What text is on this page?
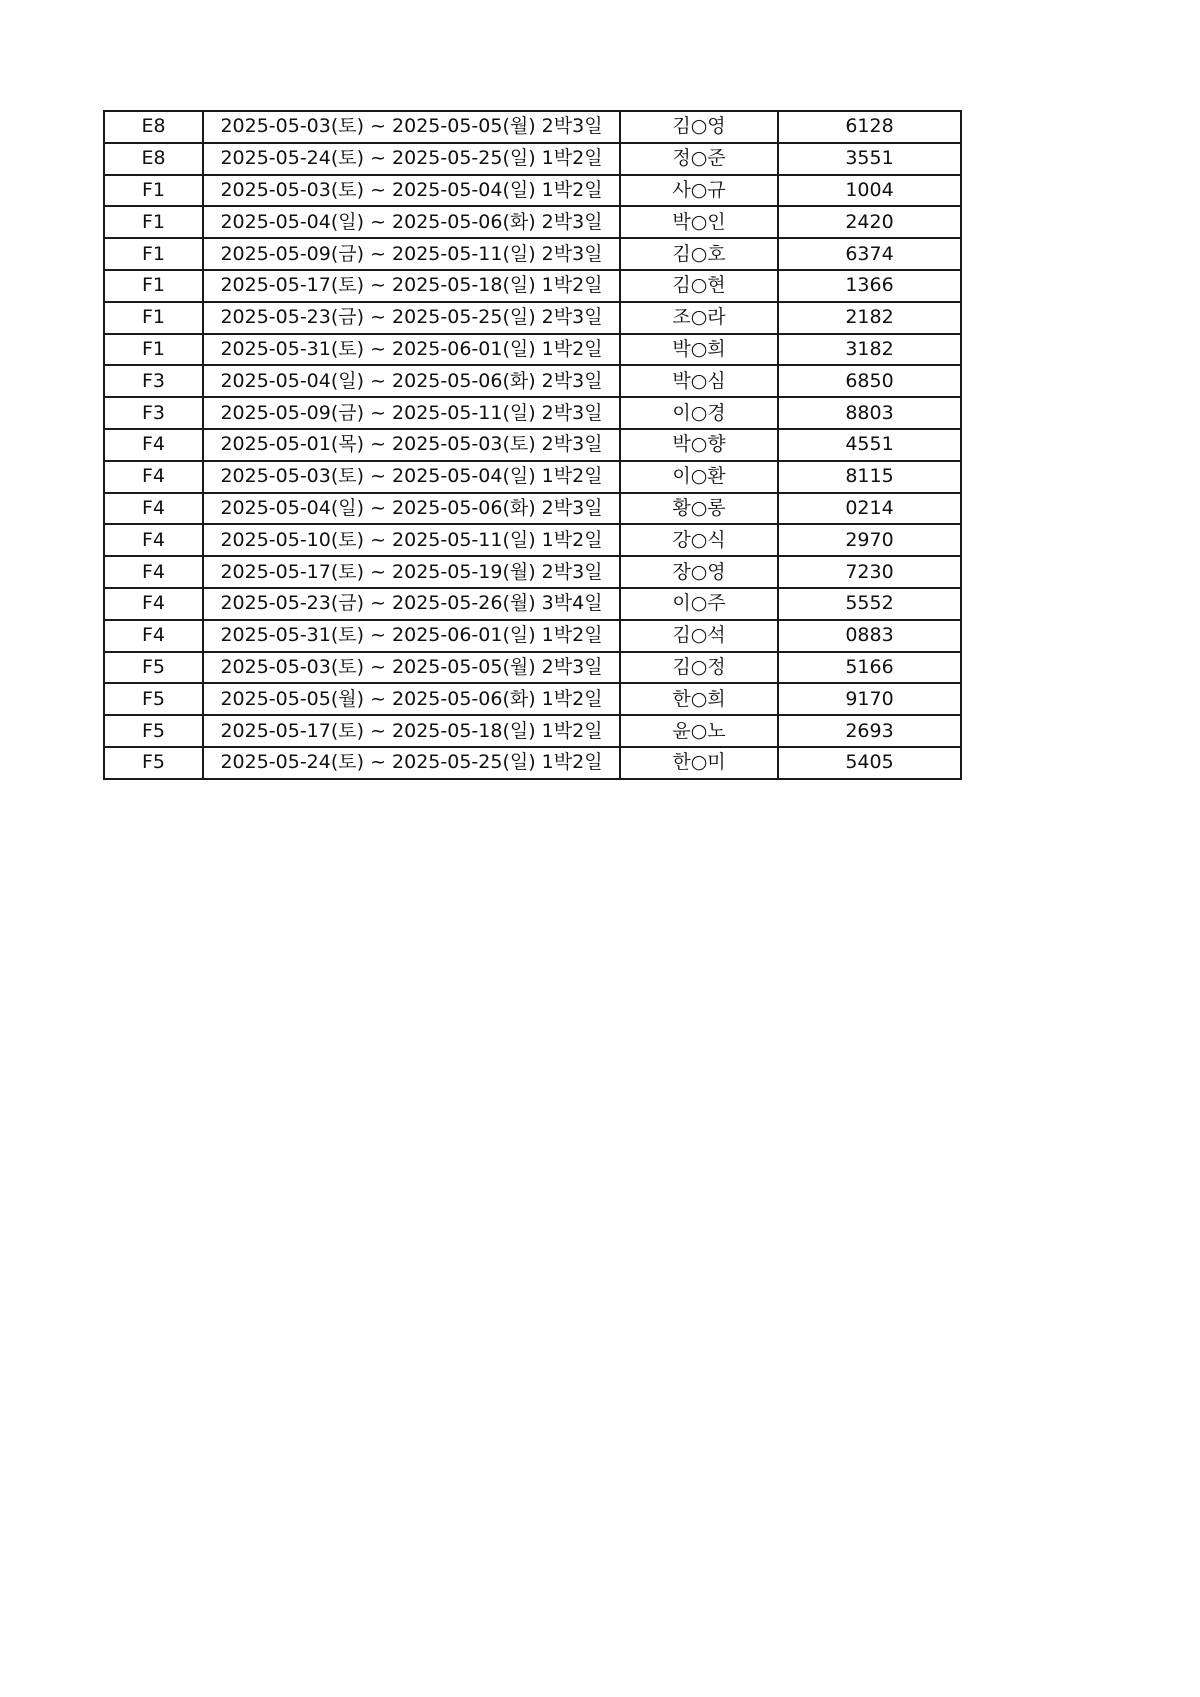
E8	2025-05-03(토) ~ 2025-05-05(월) 2박3일	김○영	6128
E8	2025-05-24(토) ~ 2025-05-25(일) 1박2일	정○준	3551
F1	2025-05-03(토) ~ 2025-05-04(일) 1박2일	사○규	1004
F1	2025-05-04(일) ~ 2025-05-06(화) 2박3일	박○인	2420
F1	2025-05-09(금) ~ 2025-05-11(일) 2박3일	김○호	6374
F1	2025-05-17(토) ~ 2025-05-18(일) 1박2일	김○현	1366
F1	2025-05-23(금) ~ 2025-05-25(일) 2박3일	조○라	2182
F1	2025-05-31(토) ~ 2025-06-01(일) 1박2일	박○희	3182
F3	2025-05-04(일) ~ 2025-05-06(화) 2박3일	박○심	6850
F3	2025-05-09(금) ~ 2025-05-11(일) 2박3일	이○경	8803
F4	2025-05-01(목) ~ 2025-05-03(토) 2박3일	박○향	4551
F4	2025-05-03(토) ~ 2025-05-04(일) 1박2일	이○환	8115
F4	2025-05-04(일) ~ 2025-05-06(화) 2박3일	황○롱	0214
F4	2025-05-10(토) ~ 2025-05-11(일) 1박2일	강○식	2970
F4	2025-05-17(토) ~ 2025-05-19(월) 2박3일	장○영	7230
F4	2025-05-23(금) ~ 2025-05-26(월) 3박4일	이○주	5552
F4	2025-05-31(토) ~ 2025-06-01(일) 1박2일	김○석	0883
F5	2025-05-03(토) ~ 2025-05-05(월) 2박3일	김○정	5166
F5	2025-05-05(월) ~ 2025-05-06(화) 1박2일	한○희	9170
F5	2025-05-17(토) ~ 2025-05-18(일) 1박2일	윤○노	2693
F5	2025-05-24(토) ~ 2025-05-25(일) 1박2일	한○미	5405
